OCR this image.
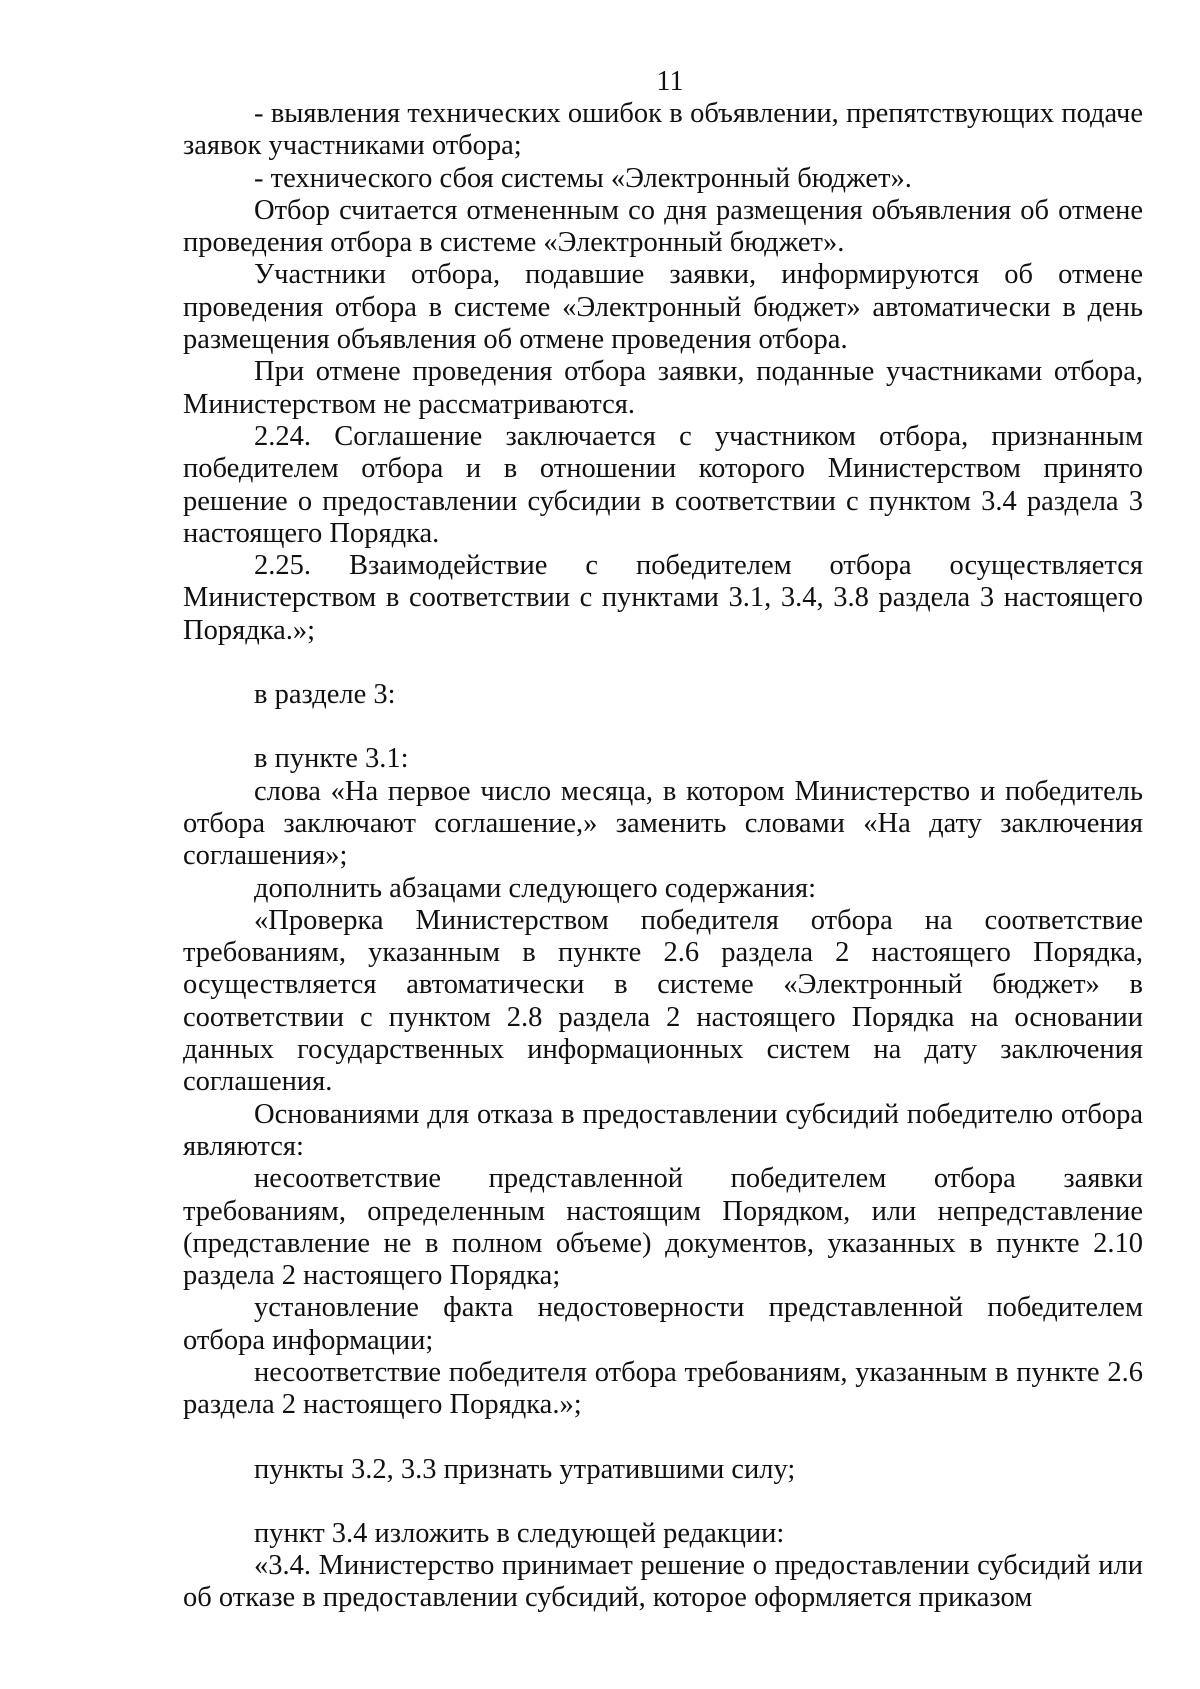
11

- выявления технических ошибок в объявлении, препятствующих подаче заявок участниками отбора;

- технического сбоя системы «Электронный бюджет».

Отбор считается отмененным со дня размещения объявления об отмене проведения отбора в системе «Электронный бюджет».

Участники отбора, подавшие заявки, информируются об отмене проведения отбора в системе «Электронный бюджет» автоматически в день размещения объявления об отмене проведения отбора.

При отмене проведения отбора заявки, поданные участниками отбора, Министерством не рассматриваются.

2.24. Соглашение заключается с участником отбора, признанным победителем отбора и в отношении которого Министерством принято решение о предоставлении субсидии в соответствии с пунктом 3.4 раздела 3 настоящего Порядка.

2.25. Взаимодействие с победителем отбора осуществляется Министерством в соответствии с пунктами 3.1, 3.4, 3.8 раздела 3 настоящего Порядка.»;

в разделе 3:

в пункте 3.1:

слова «На первое число месяца, в котором Министерство и победитель отбора заключают соглашение,» заменить словами «На дату заключения соглашения»;

дополнить абзацами следующего содержания:

«Проверка Министерством победителя отбора на соответствие требованиям, указанным в пункте 2.6 раздела 2 настоящего Порядка, осуществляется автоматически в системе «Электронный бюджет» в соответствии с пунктом 2.8 раздела 2 настоящего Порядка на основании данных государственных информационных систем на дату заключения соглашения.

Основаниями для отказа в предоставлении субсидий победителю отбора являются:

несоответствие представленной победителем отбора заявки требованиям, определенным настоящим Порядком, или непредставление (представление не в полном объеме) документов, указанных в пункте 2.10 раздела 2 настоящего Порядка;

установление факта недостоверности представленной победителем отбора информации;

несоответствие победителя отбора требованиям, указанным в пункте 2.6 раздела 2 настоящего Порядка.»;

пункты 3.2, 3.3 признать утратившими силу;

пункт 3.4 изложить в следующей редакции:

«3.4. Министерство принимает решение о предоставлении субсидий или об отказе в предоставлении субсидий, которое оформляется приказом
